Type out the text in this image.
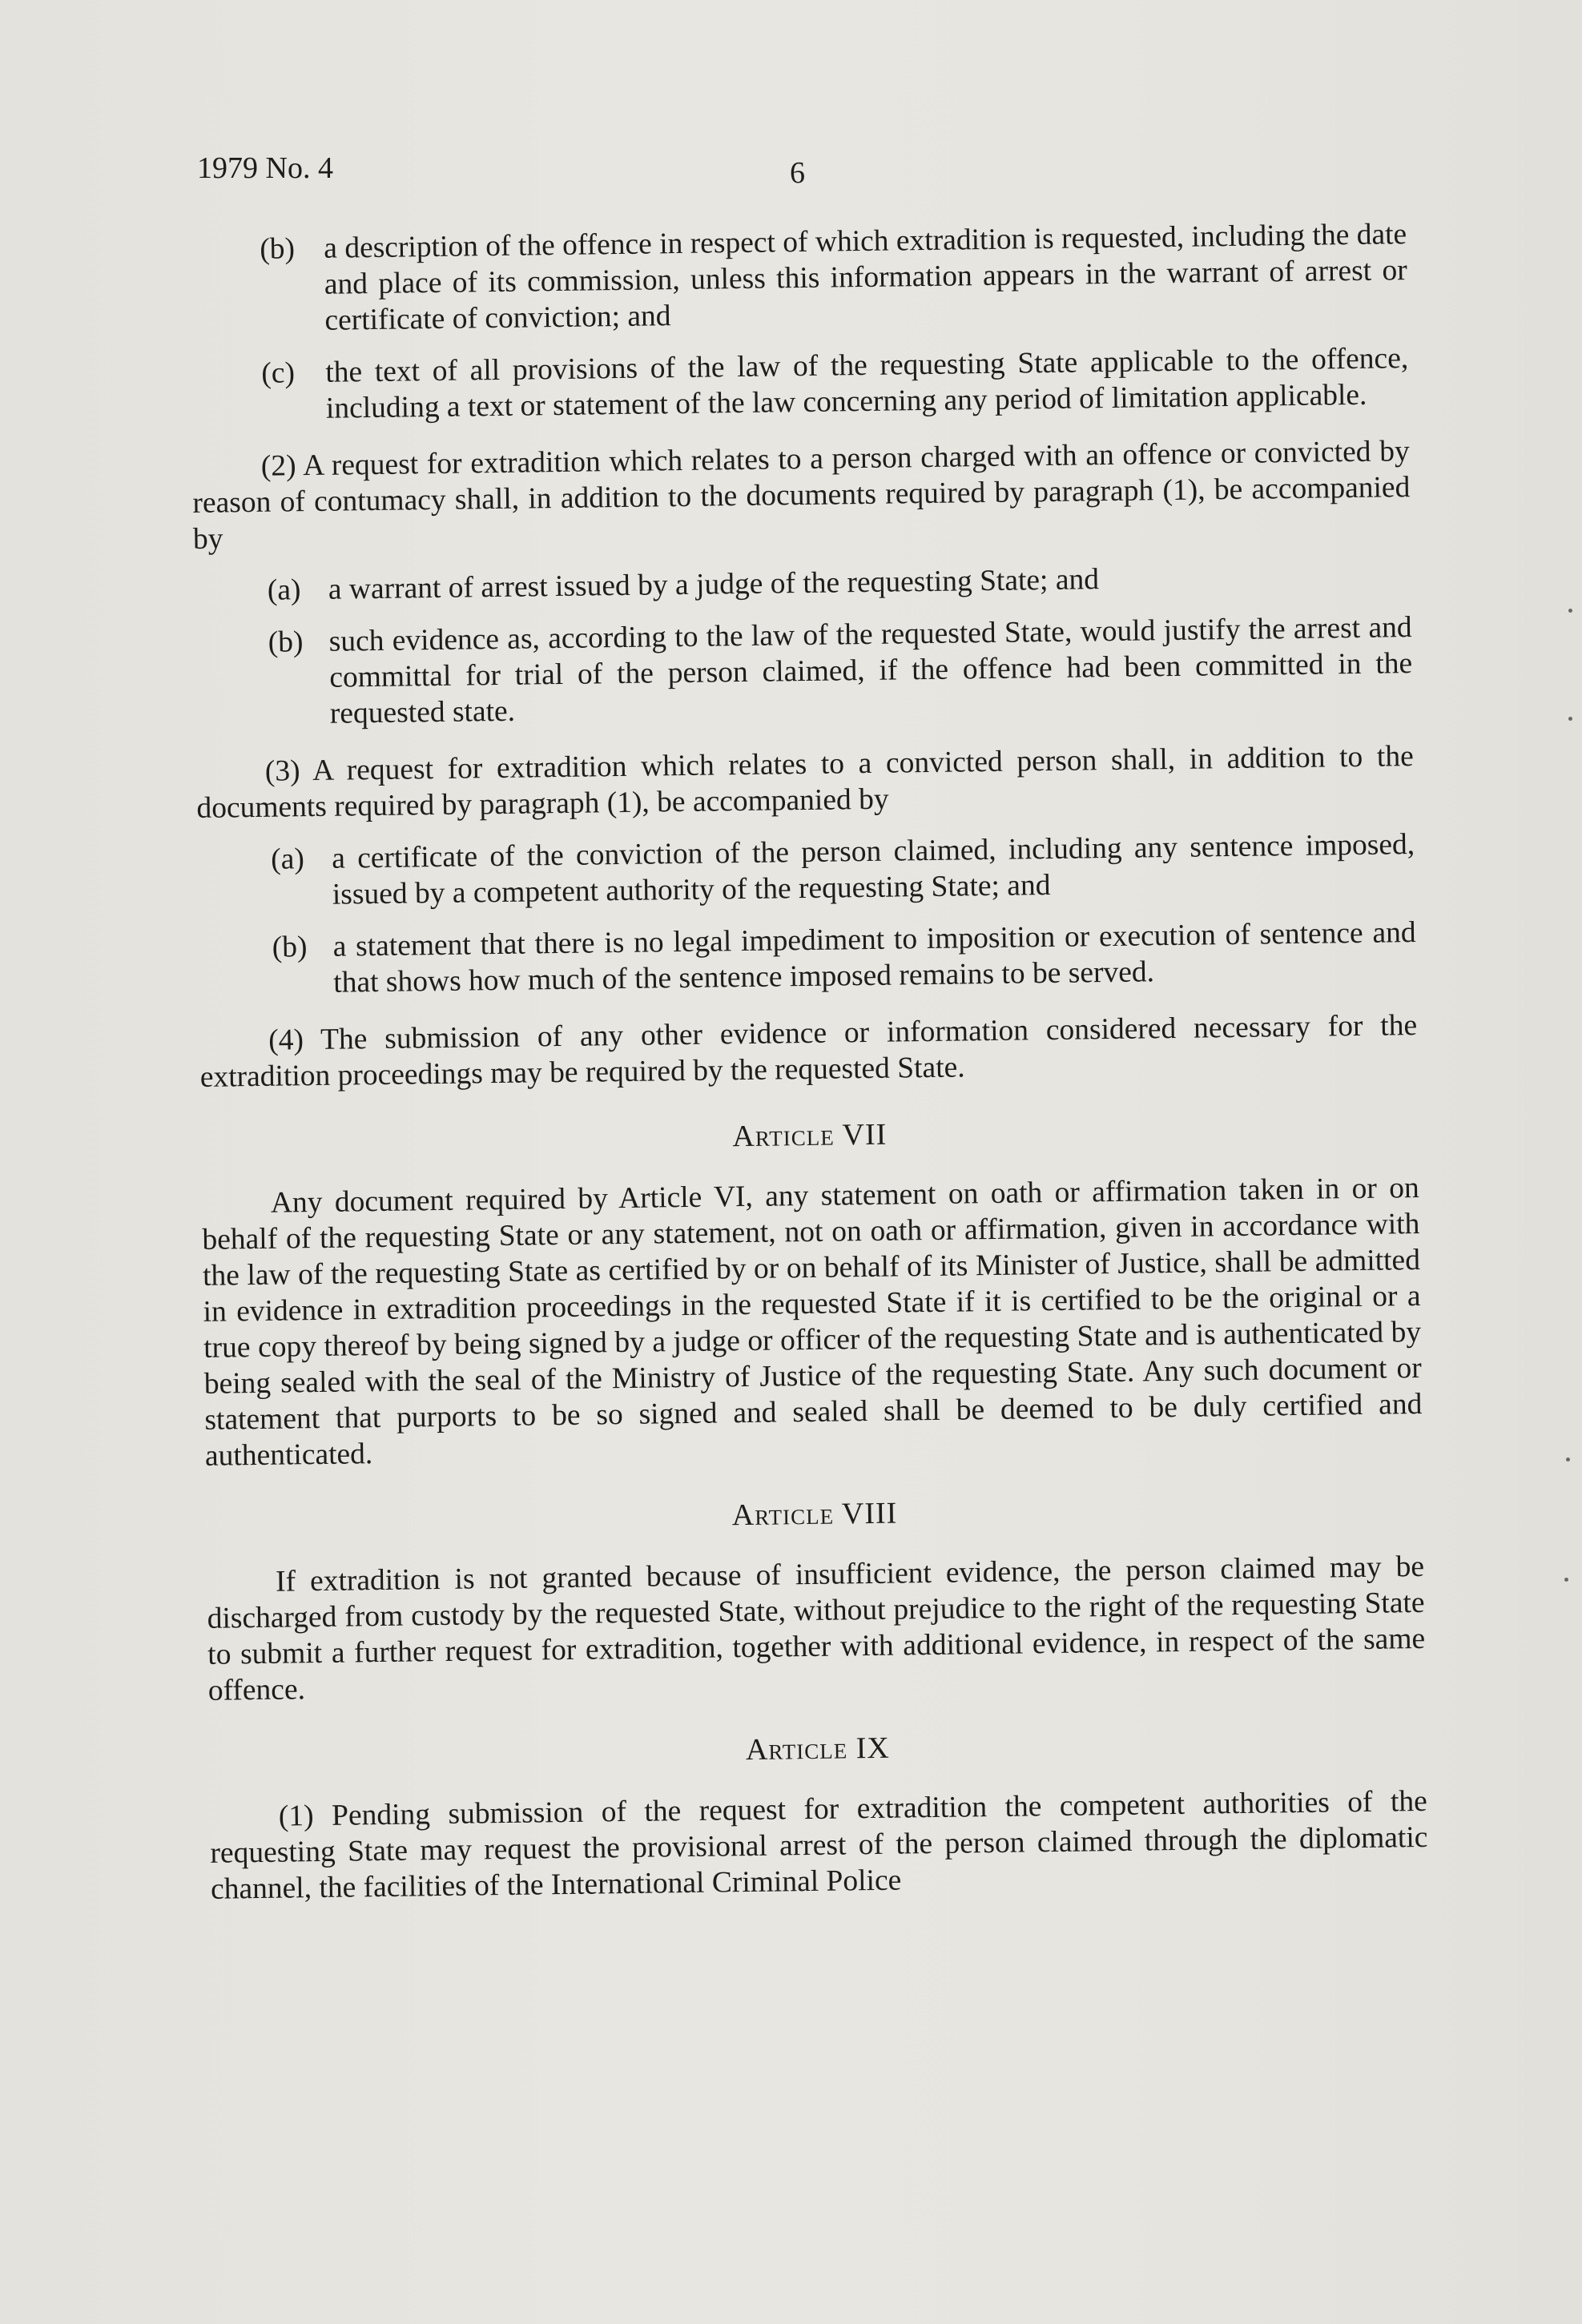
1979 No. 4	6
(b) a description of the offence in respect of which extradition is requested, including the date and place of its commission, unless this information appears in the warrant of arrest or certificate of conviction; and
(c)	the text of all provisions of the law of the requesting State applicable to the offence, including a text or statement of the law concerning any period of limitation applicable.

(2) A request for extradition which relates to a person charged with an offence or convicted by reason of contumacy shall, in addition to the documents required by paragraph (1), be accompanied by

(a) a warrant of arrest issued by a judge of the requesting State; and
(b) such evidence as, according to the law of the requested State, would justify the arrest and committal for trial of the person claimed, if the offence had been committed in the requested state.

(3) A request for extradition which relates to a convicted person shall, in addition to the documents required by paragraph (1), be accompanied by

(a) a certificate of the conviction of the person claimed, including any sentence imposed, issued by a competent authority of the requesting State; and
(b) a statement that there is no legal impediment to imposition or execution of sentence and that shows how much of the sentence imposed remains to be served.

(4) The submission of any other evidence or information considered necessary for the extradition proceedings may be required by the requested State.

Article VII

Any document required by Article VI, any statement on oath or affirmation taken in or on behalf of the requesting State or any statement, not on oath or affirmation, given in accordance with the law of the requesting State as certified by or on behalf of its Minister of Justice, shall be admitted in evidence in extradition proceedings in the requested State if it is certified to be the original or a true copy thereof by being signed by a judge or officer of the requesting State and is authenticated by being sealed with the seal of the Ministry of Justice of the requesting State. Any such document or statement that purports to be so signed and sealed shall be deemed to be duly certified and authenticated.

Article VIII

If extradition is not granted because of insufficient evidence, the person claimed may be discharged from custody by the requested State, without prejudice to the right of the requesting State to submit a further request for extradition, together with additional evidence, in respect of the same offence.

Article IX

(1) Pending submission of the request for extradition the competent authorities of the requesting State may request the provisional arrest of the person claimed through the diplomatic channel, the facilities of the International Criminal Police
